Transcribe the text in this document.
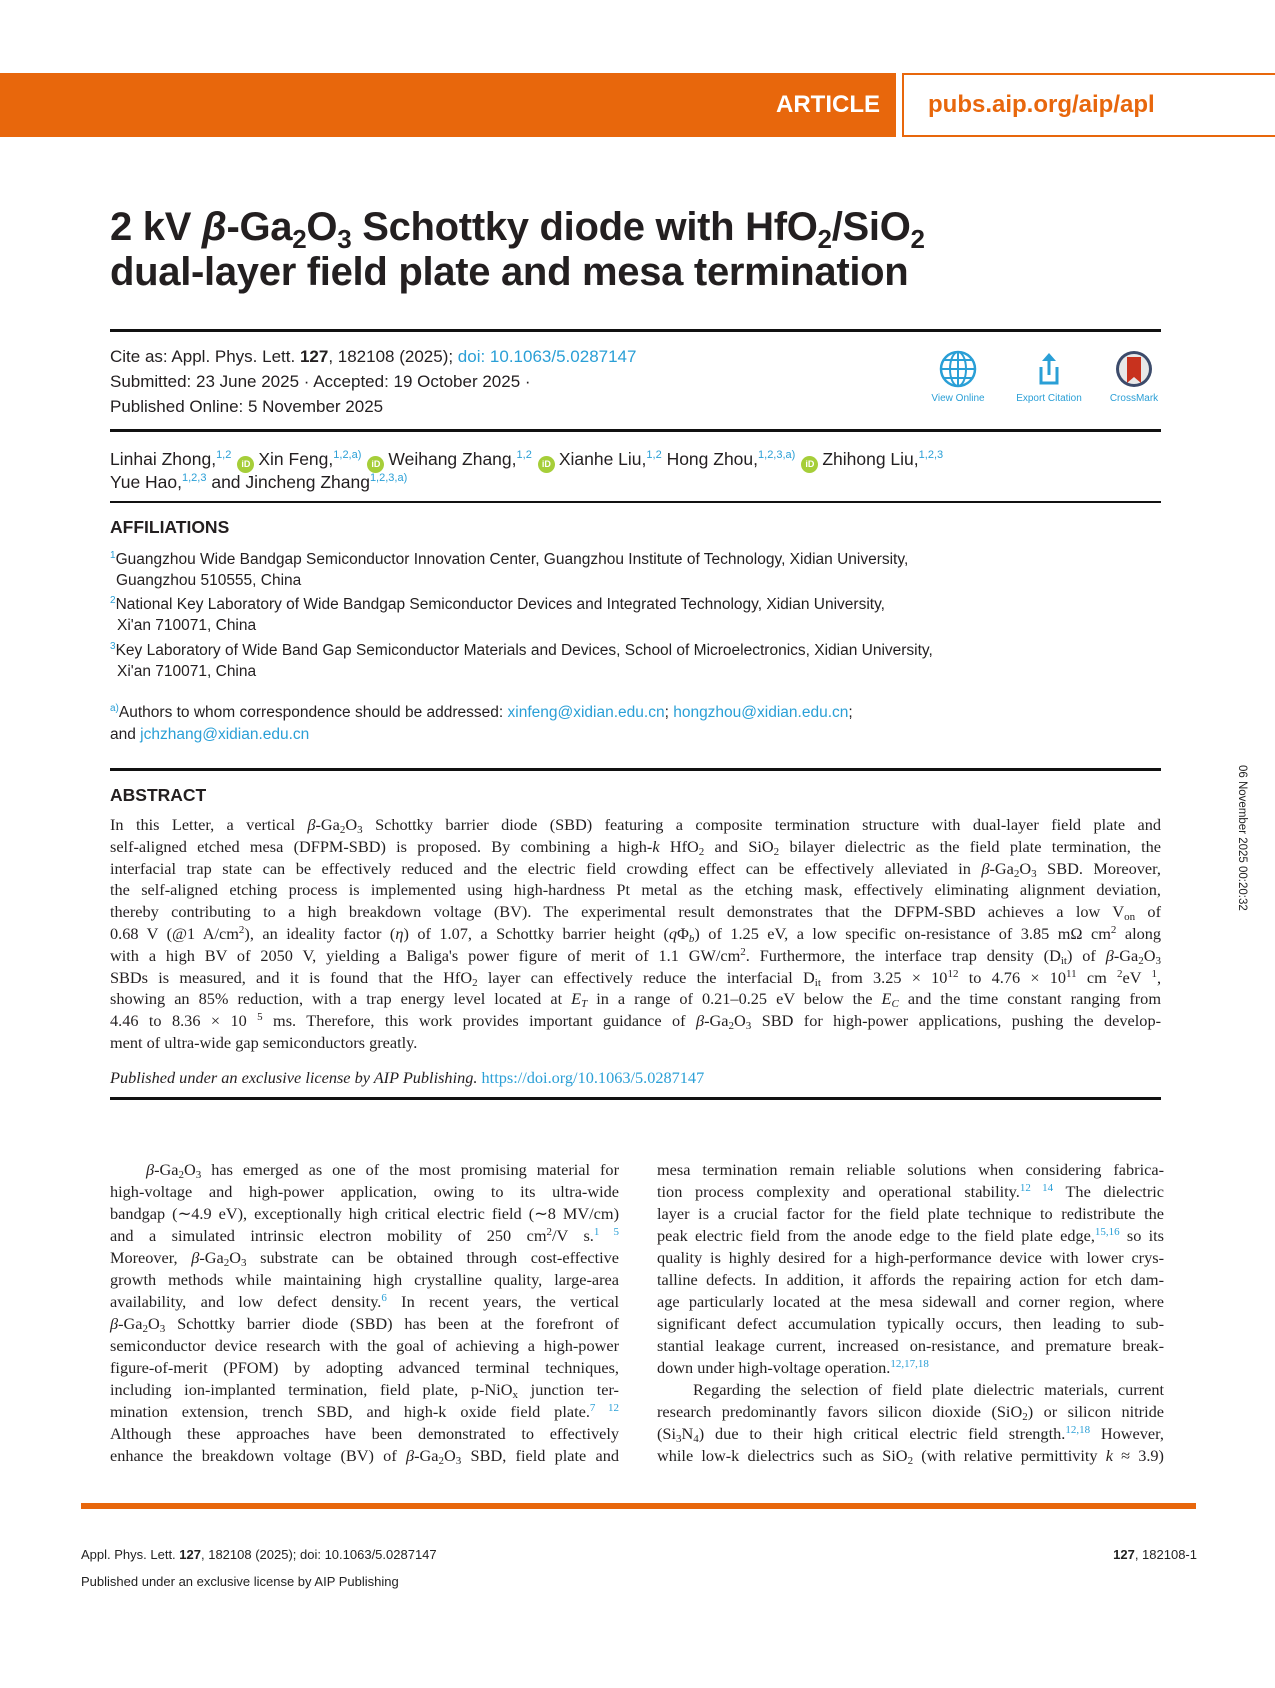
ARTICLE pubs.aip.org/aip/apl
2 kV $\beta-Ga_2O_3$ Schottky diode with HfO$_2$/SiO$_2$
dual-layer field plate and mesa termination
Cite as: Appl. Phys. Lett. 127, 182108 (2025); doi: 10.1063/5.0287147
Submitted: 23 June 2025 · Accepted: 19 October 2025 ·
Published Online: 5 November 2025	View Online	Export Citation	CrossMark
Linhai Zhong,$^{1,2}$iD Xin Feng,$^{1,2,a)}$iD Weihang Zhang,$^{1,2}$iD Xianhe Liu,$^{1,2}$ Hong Zhou,$^{1,2,3,a)}$iD Zhihong Liu,$^{1,2,3}$
Yue Hao,$^{1,2,3}$ and Jincheng Zhang$^{1,2,3,a)}$
AFFILIATIONS
$^1$Guangzhou Wide Bandgap Semiconductor Innovation Center, Guangzhou Institute of Technology, Xidian University,
Guangzhou 510555, China
$^2$National Key Laboratory of Wide Bandgap Semiconductor Devices and Integrated Technology, Xidian University,
Xi'an 710071, China
$^3$Key Laboratory of Wide Band Gap Semiconductor Materials and Devices, School of Microelectronics, Xidian University,
Xi'an 710071, China
$^{a)}$Authors to whom correspondence should be addressed: xinfeng@xidian.edu.cn; hongzhou@xidian.edu.cn;
and jchzhang@xidian.edu.cn
ABSTRACT
In this Letter, a vertical $\beta-Ga_2O_3$ Schottky barrier diode (SBD) featuring a composite termination structure with dual-layer field plate and
self-aligned etched mesa (DFPM-SBD) is proposed. By combining a high-k HfO$_2$ and SiO$_2$ bilayer dielectric as the field plate termination, the
interfacial trap state can be effectively reduced and the electric field crowding effect can be effectively alleviated in $\beta-Ga_2O_3$ SBD. Moreover,
the self-aligned etching process is implemented using high-hardness Pt metal as the etching mask, effectively eliminating alignment deviation,
thereby contributing to a high breakdown voltage (BV). The experimental result demonstrates that the DFPM-SBD achieves a low $V_{on}$ of
0.68 V (@1 $A/cm^2$), an ideality factor (η) of 1.07, a Schottky barrier height $(q\Phi_b)$ of 1.25 eV, a low specific on-resistance of 3.85 mΩ $cm^2$ along
with a high BV of 2050 V, yielding a Baliga's power figure of merit of 1.1 $GW/cm^2$. Furthermore, the interface trap density $(D_{it})$ of $\beta-Ga_2O_3$
SBDs is measured, and it is found that the HfO$_2$ layer can effectively reduce the interfacial $D_{it}$ from $3.25 \times 10^{12}$ to $4.76 \times 10^{11}$ cm $^2$eV $^1$,
showing an 85% reduction, with a trap energy level located at $E_T$ in a range of 0.21–0.25 eV below the $E_C$ and the time constant ranging from
4.46 to 8.36 × 10 $^5$ ms. Therefore, this work provides important guidance of $\beta-Ga_2O_3$ SBD for high-power applications, pushing the develop-
ment of ultra-wide gap semiconductors greatly.
Published under an exclusive license by AIP Publishing. https://doi.org/10.1063/5.0287147
$\beta-Ga_2O_3$ has emerged as one of the most promising material for
high-voltage and high-power application, owing to its ultra-wide
bandgap (∼4.9 eV), exceptionally high critical electric field (∼8 MV/cm)
and a simulated intrinsic electron mobility of 250 $cm^2/V$ s.$^{1 5}$
Moreover, $\beta-Ga_2O_3$ substrate can be obtained through cost-effective
growth methods while maintaining high crystalline quality, large-area
availability, and low defect density.$^6$ In recent years, the vertical
$\beta-Ga_2O_3$ Schottky barrier diode (SBD) has been at the forefront of
semiconductor device research with the goal of achieving a high-power
figure-of-merit (PFOM) by adopting advanced terminal techniques,
including ion-implanted termination, field plate, p-NiO$_x$ junction ter-
mination extension, trench SBD, and high-k oxide field plate.$^{7 12}$
Although these approaches have been demonstrated to effectively
enhance the breakdown voltage (BV) of $\beta-Ga_2O_3$ SBD, field plate and
mesa termination remain reliable solutions when considering fabrica-
tion process complexity and operational stability.$^{12 14}$ The dielectric
layer is a crucial factor for the field plate technique to redistribute the
peak electric field from the anode edge to the field plate edge,$^{15,16}$ so its
quality is highly desired for a high-performance device with lower crys-
talline defects. In addition, it affords the repairing action for etch dam-
age particularly located at the mesa sidewall and corner region, where
significant defect accumulation typically occurs, then leading to sub-
stantial leakage current, increased on-resistance, and premature break-
down under high-voltage operation.$^{12,17,18}$
Regarding the selection of field plate dielectric materials, current
research predominantly favors silicon dioxide (SiO$_2$) or silicon nitride
$(Si_3N_4)$ due to their high critical electric field strength.$^{12,18}$ However,
while low-k dielectrics such as SiO$_2$ (with relative permittivity k ≈ 3.9)
06 November 2025 00:20:32
Appl. Phys. Lett. 127, 182108 (2025); doi: 10.1063/5.0287147
Published under an exclusive license by AIP Publishing
127, 182108-1
